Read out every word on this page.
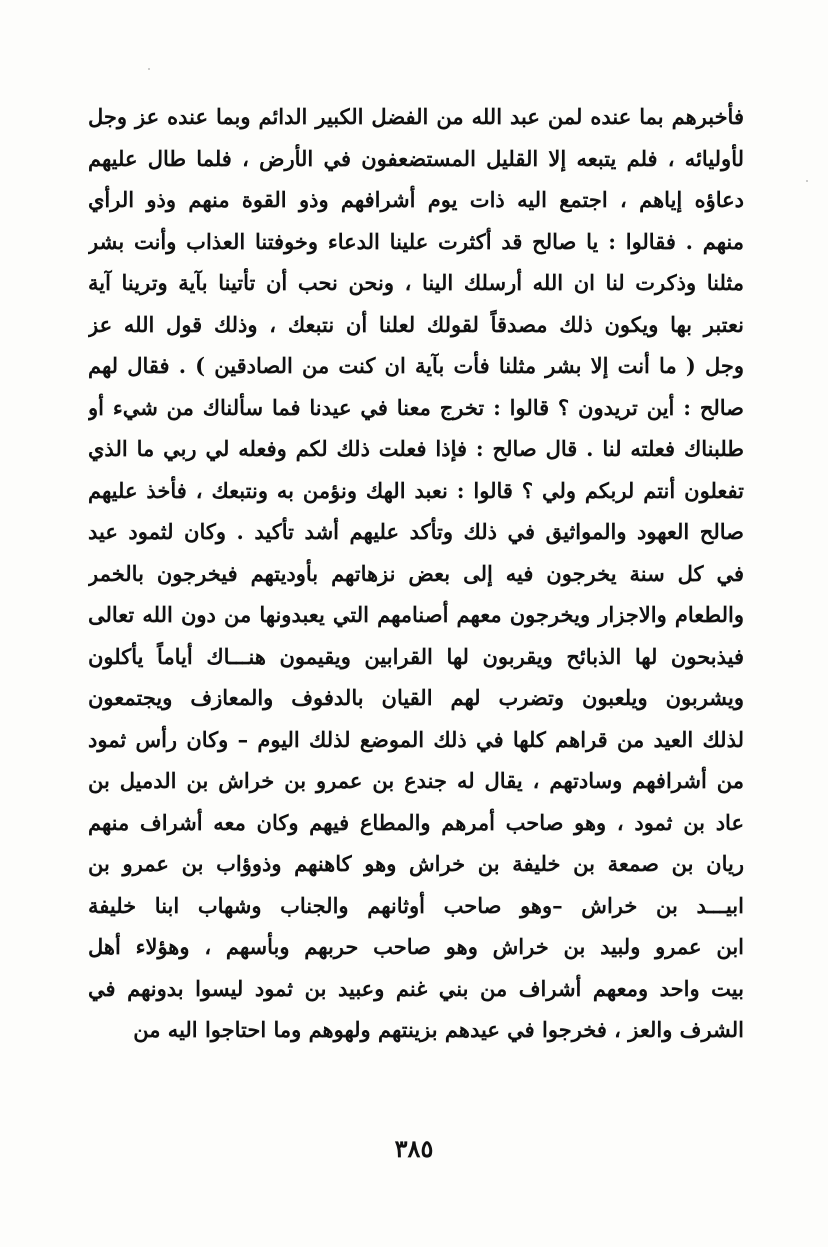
فأخبرهم بما عنده لمن عبد الله من الفضل الكبير الدائم وبما عنده عز وجل
لأوليائه ، فلم يتبعه إلا القليل المستضعفون في الأرض ، فلما طال عليهم
دعاؤه إياهم ، اجتمع اليه ذات يوم أشرافهم وذو القوة منهم وذو الرأي
منهم . فقالوا : يا صالح قد أكثرت علينا الدعاء وخوفتنا العذاب وأنت بشر
مثلنا وذكرت لنا ان الله أرسلك الينا ، ونحن نحب أن تأتينا بآية وترينا آية
نعتبر بها ويكون ذلك مصدقاً لقولك لعلنا أن نتبعك ، وذلك قول الله عز
وجل ( ما أنت إلا بشر مثلنا فأت بآية ان كنت من الصادقين ) . فقال لهم
صالح : أين تريدون ؟ قالوا : تخرج معنا في عيدنا فما سألناك من شيء أو
طلبناك فعلته لنا . قال صالح : فإذا فعلت ذلك لكم وفعله لي ربي ما الذي
تفعلون أنتم لربكم ولي ؟ قالوا : نعبد الهك ونؤمن به ونتبعك ، فأخذ عليهم
صالح العهود والمواثيق في ذلك وتأكد عليهم أشد تأكيد . وكان لثمود عيد
في كل سنة يخرجون فيه إلى بعض نزهاتهم بأوديتهم فيخرجون بالخمر
والطعام والاجزار ويخرجون معهم أصنامهم التي يعبدونها من دون الله تعالى
فيذبحون لها الذبائح ويقربون لها القرابين ويقيمون هنـــاك أياماً يأكلون
ويشربون ويلعبون وتضرب لهم القيان بالدفوف والمعازف ويجتمعون
لذلك العيد من قراهم كلها في ذلك الموضع لذلك اليوم – وكان رأس ثمود
من أشرافهم وسادتهم ، يقال له جندع بن عمرو بن خراش بن الدميل بن
عاد بن ثمود ، وهو صاحب أمرهم والمطاع فيهم وكان معه أشراف منهم
ريان بن صمعة بن خليفة بن خراش وهو كاهنهم وذوؤاب بن عمرو بن
ابيـــد بن خراش –وهو صاحب أوثانهم والجناب وشهاب ابنا خليفة
ابن عمرو ولبيد بن خراش وهو صاحب حربهم وبأسهم ، وهؤلاء أهل
بيت واحد ومعهم أشراف من بني غنم وعبيد بن ثمود ليسوا بدونهم في
الشرف والعز ، فخرجوا في عيدهم بزينتهم ولهوهم وما احتاجوا اليه من
٣٨٥
